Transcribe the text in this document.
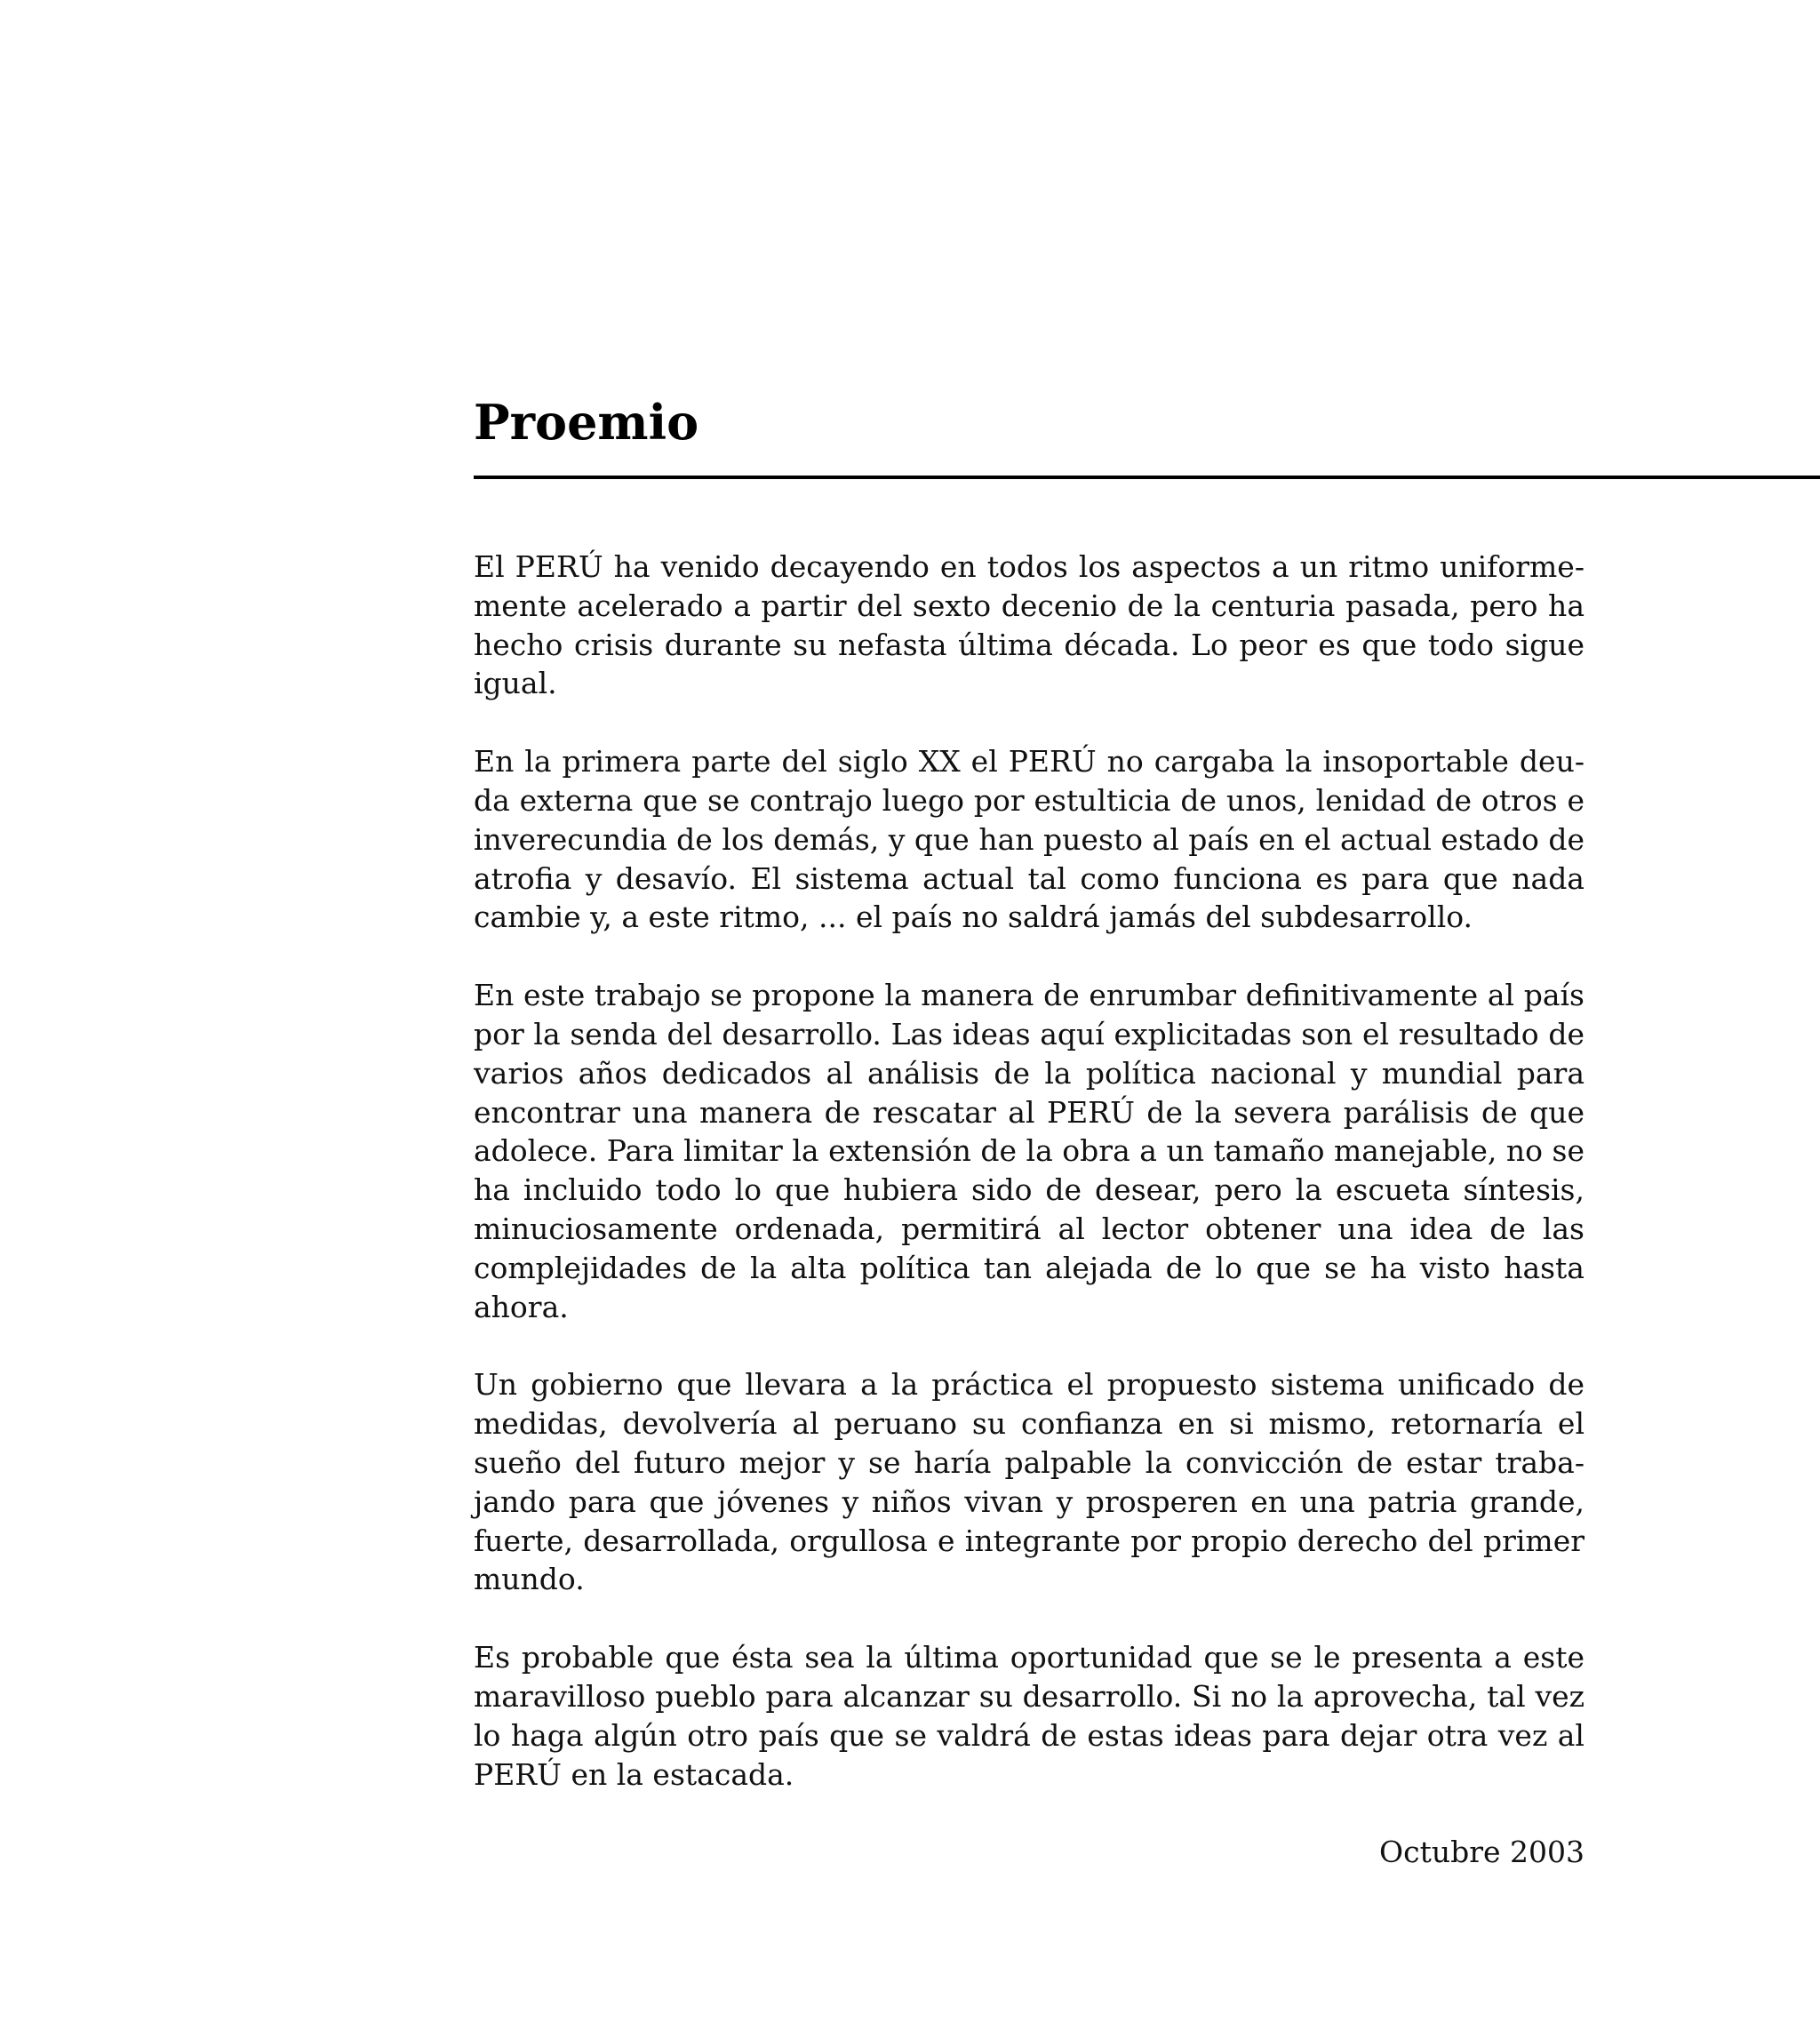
Proemio

El PERÚ ha venido decayendo en todos los aspectos a un ritmo uniformemente acelerado a partir del sexto decenio de la centuria pasada, pero ha hecho crisis durante su nefasta última década. Lo peor es que todo sigue igual.

En la primera parte del siglo XX el PERÚ no cargaba la insoportable deuda externa que se contrajo luego por estulticia de unos, lenidad de otros e inverecundia de los demás, y que han puesto al país en el actual estado de atrofia y desavío. El sistema actual tal como funciona es para que nada cambie y, a este ritmo, ... el país no saldrá jamás del subdesarrollo.

En este trabajo se propone la manera de enrumbar definitivamente al país por la senda del desarrollo. Las ideas aquí explicitadas son el resultado de varios años dedicados al análisis de la política nacional y mundial para encontrar una manera de rescatar al PERÚ de la severa parálisis de que adolece. Para limitar la extensión de la obra a un tamaño manejable, no se ha incluido todo lo que hubiera sido de desear, pero la escueta síntesis, minuciosamente ordenada, permitirá al lector obtener una idea de las complejidades de la alta política tan alejada de lo que se ha visto hasta ahora.

Un gobierno que llevara a la práctica el propuesto sistema unificado de medidas, devolvería al peruano su confianza en si mismo, retornaría el sueño del futuro mejor y se haría palpable la convicción de estar trabajando para que jóvenes y niños vivan y prosperen en una patria grande, fuerte, desarrollada, orgullosa e integrante por propio derecho del primer mundo.

Es probable que ésta sea la última oportunidad que se le presenta a este maravilloso pueblo para alcanzar su desarrollo. Si no la aprovecha, tal vez lo haga algún otro país que se valdrá de estas ideas para dejar otra vez al PERÚ en la estacada.

Octubre 2003
